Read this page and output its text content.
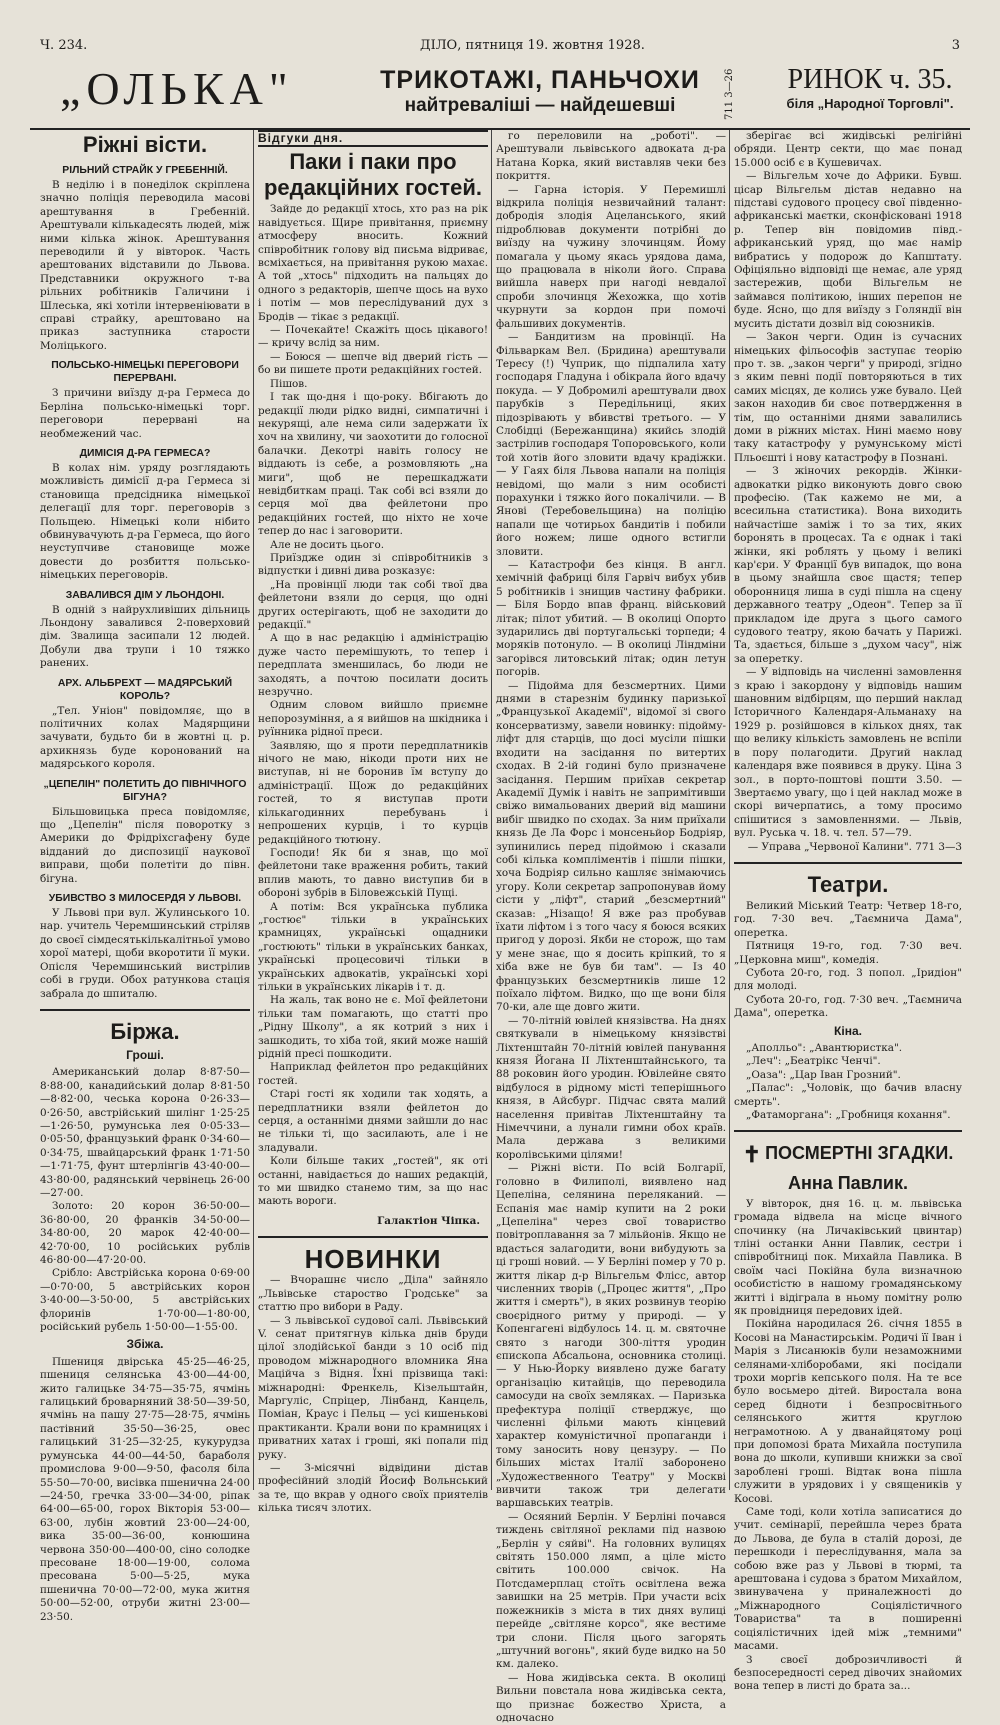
Ч. 234.	ДІЛО, пятниця 19. жовтня 1928.	3
„ОЛЬКА"	ТРИКОТАЖІ, ПАНЬЧОХИ
найтреваліші — найдешевші	711 3—26	РИНОК ч. 35.
біля „Народної Торговлі".
Ріжні вісти.
РІЛЬНИЙ СТРАЙК У ГРЕБЕННІЙ.

В неділю і в понеділок скріплена значно поліція переводила масові арештування в Гребенній. Арештували кількадесять людей, між ними кілька жінок. Арештування переводили й у вівторок. Часть арештованих відставили до Львова. Представники окружного т-ва рільних робітників Галичини і Шлеська, які хотіли інтервеніювати в справі страйку, арештовано на приказ заступника старости Моліцького.

ПОЛЬСЬКО-НІМЕЦЬКІ ПЕРЕГОВОРИ ПЕРЕРВАНІ.

З причини виїзду д-ра Гермеса до Берліна польсько-німецькі торг. переговори перервані на необмежений час.

ДИМІСІЯ Д-РА ГЕРМЕСА?

В колах нім. уряду розглядають можливість димісії д-ра Гермеса зі становища предсідника німецької делегації для торг. переговорів з Польщею. Німецькі коли нібито обвинувачують д-ра Гермеса, що його неуступчиве становище може довести до розбиття польсько-німецьких переговорів.

ЗАВАЛИВСЯ ДІМ У ЛЬОНДОНІ.

В одній з найрухливіших дільниць Льондону завалився 2-поверховий дім. Звалища засипали 12 людей. Добули два трупи і 10 тяжко ранених.

АРХ. АЛЬБРЕХТ — МАДЯРСЬКИЙ КОРОЛЬ?

„Тел. Уніон" повідомляє, що в політичних колах Мадярщини зачувати, будьто би в жовтні ц. р. архикнязь буде коронований на мадярського короля.

„ЦЕПЕЛІН" ПОЛЕТИТЬ ДО ПІВНІЧНОГО БІГУНА?

Більшовицька преса повідомляє, що „Цепелін" після поворотку з Америки до Фрідріхсгафену буде відданий до диспозиції наукової виправи, щоби полетіти до півн. бігуна.

УБИВСТВО З МИЛОСЕРДЯ У ЛЬВОВІ.

У Львові при вул. Жулинського 10. нар. учитель Черемшинський стріляв до своєї сімдесятькількалітньої умово хорої матері, щоби вкоротити її муки. Опісля Черемшинський вистрілив собі в груди. Обох ратункова стація забрала до шпиталю.

Біржа.
Гроші.

Американський долар 8·87·50—8·88·00, канадийський долар 8·81·50—8·82·00, чеська корона 0·26·33—0·26·50, австрійський шилінг 1·25·25—1·26·50, румунська лея 0·05·33—0·05·50, французький франк 0·34·60—0·34·75, швайцарський франк 1·71·50—1·71·75, фунт штерлінгів 43·40·00—43·80·00, радянський червінець 26·00—27·00.

Золото: 20 корон 36·50·00—36·80·00, 20 франків 34·50·00—34·80·00, 20 марок 42·40·00—42·70·00, 10 російських рублів 46·80·00—47·20·00.

Срібло: Австрійська корона 0·69·00—0·70·00, 5 австрійських корон 3·40·00—3·50·00, 5 австрійських флоринів 1·70·00—1·80·00, російський рубель 1·50·00—1·55·00.

Збіжа.

Пшениця двірська 45·25—46·25, пшениця селянська 43·00—44·00, жито галицьке 34·75—35·75, ячмінь галицький броварняний 38·50—39·50, ячмінь на пашу 27·75—28·75, ячмінь пастівний 35·50—36·25, овес галицький 31·25—32·25, кукурудза румунська 44·00—44·50, бараболя промислова 9·00—9·50, фасоля біла 55·50—70·00, висівка пшенична 24·00—24·50, гречка 33·00—34·00, ріпак 64·00—65·00, горох Вікторія 53·00—63·00, лубін жовтий 23·00—24·00, вика 35·00—36·00, конюшина червона 350·00—400·00, сіно солодке пресоване 18·00—19·00, солома пресована 5·00—5·25, мука пшенична 70·00—72·00, мука житня 50·00—52·00, отруби житні 23·00—23·50.

Відгуки дня.
Паки і паки про редакційних гостей.

Зайде до редакції хтось, хто раз на рік навідується. Щире привітання, приємну атмосферу вносить. Кожний співробітник голову від письма відриває, всміхається, на привітання рукою махає. А той „хтось" підходить на пальцях до одного з редакторів, шепче щось на вухо і потім — мов переслідуваний дух з Бродів — тікає з редакції.

— Почекайте! Скажіть щось цікавого! — кричу вслід за ним.

— Боюся — шепче від дверий гість — бо ви пишете проти редакційних гостей.

Пішов.

І так що-дня і що-року. Вбігають до редакції люди рідко видні, симпатичні і некурящі, але нема сили задержати їх хоч на хвилину, чи заохотити до голосної балачки. Декотрі навіть голосу не віддають із себе, а розмовляють „на миги", щоб не перешкаджати невідбиткам праці. Так собі всі взяли до серця мої два фейлетони про редакційних гостей, що ніхто не хоче тепер до нас і заговорити.

Але не досить цього.

Приїздже один зі співробітників з відпустки і дивні дива розказує:

„На провінції люди так собі твої два фейлетони взяли до серця, що одні других остерігають, щоб не заходити до редакції."

А що в нас редакцію і адміністрацію дуже часто перемішують, то тепер і передплата зменшилась, бо люди не заходять, а почтою посилати досить незручно.

Одним словом вийшло приємне непорозуміння, а я вийшов на шкідника і руїнника рідної преси.

Заявляю, що я проти передплатників нічого не маю, нікоди проти них не виступав, ні не боронив їм вступу до адміністрації. Щож до редакційних гостей, то я виступав проти кількагодинних перебувань і непрошених курців, і то курців редакційного тютюну.

Господи! Як би я знав, що мої фейлетони таке враження робить, такий вплив мають, то давно виступив би в обороні зубрів в Біловежській Пущі.

А потім: Вся українська публика „гостює" тільки в українських крамницях, українські ощадники „гостюють" тільки в українських банках, українські процесовичі тільки в українських адвокатів, українські хорі тільки в українських лікарів і т. д.

На жаль, так воно не є. Мої фейлетони тільки там помагають, що статті про „Рідну Школу", а як котрий з них і зашкодить, то хіба той, який може нашій рідній пресі пошкодити.

Наприклад фейлетон про редакційних гостей.

Старі гості як ходили так ходять, а передплатники взяли фейлетон до серця, а останніми днями зайшли до нас не тільки ті, що засилають, але і не зладували.

Коли більше таких „гостей", як оті останні, навідається до наших редакцій, то ми швидко станемо тим, за що нас мають вороги.

Галактіон Чіпка.
НОВИНКИ

— Вчорашнє число „Діла" зайняло „Львівське староство Гродське" за статтю про вибори в Раду.

— З львівської судової салі. Львівський V. сенат притягнув кілька днів бруди цілої злодійської банди з 10 осіб під проводом міжнародного вломника Яна Маційча з Відня. Їхні прізвища такі: міжнародні: Френкель, Кізельштайн, Маргуліс, Спріцер, Лінбанд, Канцель, Поміан, Краус і Пельц — усі кишенькові практиканти. Крали вони по крамницях і приватних хатах і гроші, які попали під руку.

— З-місячні відвідини дістав професійний злодій Йосиф Вольнський за те, що вкрав у одного своїх приятелів кілька тисяч злотих.

го переловили на „роботі". — Арештували львівського адвоката д-ра Натана Корка, який виставляв чеки без покриття.

— Гарна історія. У Перемишлі відкрила поліція незвичайний талант: добродія злодія Ацеланського, який підроблював документи потрібні до виїзду на чужину злочинцям. Йому помагала у цьому якась урядова дама, що працювала в ніколи його. Справа вийшла наверх при нагоді невдалої спроби злочинця Жехожка, що хотів чкурнути за кордон при помочі фальшивих документів.

— Бандитизм на провінції. На Фільваркам Вел. (Бридина) арештували Тересу (!) Чуприк, що підпалила хату господаря Гладуна і обікрала його вдачу покуда. — У Добромилі арештували двох парубків з Передільниці, яких підозрівають у вбивстві третього. — У Слобідці (Бережанщина) якийсь злодій застрілив господаря Топоровського, коли той хотів його зловити вдачу крадіжки. — У Гаях біля Львова напали на поліція невідомі, що мали з ним особисті порахунки і тяжко його покалічили. — В Янові (Теребовельщина) на поліцію напали ще чотирьох бандитів і побили його ножем; лише одного встигли зловити.

— Катастрофи без кінця. В англ. хемічній фабриці біля Гарвіч вибух убив 5 робітників і знищив частину фабрики. — Біля Бордо впав франц. військовий літак; пілот убитий. — В околиці Опорто зударились дві португальські торпеди; 4 моряків потонуло. — В околиці Ліндміни загорівся литовський літак; один летун погорів.

— Підойма для безсмертних. Цими днями в старезнім будинку паризької „Французької Академії", відомої зі свого консерватизму, завели новинку: підойму-ліфт для старців, що досі мусіли пішки входити на засідання по витертих сходах. В 2-ій годині було призначене засідання. Першим приїхав секретар Академії Думік і навіть не запримітивши свіжо вимальованих дверий від машини вибіг швидко по сходах. За ним приїхали князь Де Ла Форс і монсеньйор Бодріяр, зупинились перед підоймою і сказали собі кілька компліментів і пішли пішки, хоча Бодріяр сильно кашляє знімаючись угору. Коли секретар запропонував йому сісти у „ліфт", старий „безсмертний" сказав: „Нізащо! Я вже раз пробував їхати ліфтом і з того часу я боюся всяких пригод у дорозі. Якби не сторож, що там у мене знає, що я досить кріпкий, то я хіба вже не був би там". — Із 40 французьких безсмертників лише 12 поїхало ліфтом. Видко, що ще вони біля 70-ки, але ще довго жити.

— 70-літній ювілей князівства. На днях святкували в німецькому князівстві Ліхтенштайн 70-літній ювілей панування князя Йогана II Ліхтенштайнського, та 88 роковин його уродин. Ювілейне свято відбулося в рідному місті теперішнього князя, в Айсбург. Підчас свята малий населення привітав Ліхтенштайну та Німеччини, а лунали гимни обох країв. Мала держава з великими королівськими цілями!

— Ріжні вісти. По всій Болгарії, головно в Филиполі, виявлено над Цепеліна, селянина переляканий. — Еспанія має намір купити на 2 роки „Цепеліна" через свої товариство повітроплавання за 7 мільйонів. Якщо не вдасться залагодити, вони вибудують за ці гроші новий. — У Берліні помер у 70 р. життя лікар д-р Вільгельм Флісс, автор численних творів („Процес життя", „Про життя і смерть"), в яких розвинув теорію своєрідного ритму у природі. — У Копенгагені відбулось 14. ц. м. святочне свято з нагоди 300-ліття уродин єпископа Абсальона, основника столиці. — У Нью-Йорку виявлено дуже багату організацію китайців, що переводила самосуди на своїх земляках. — Паризька префектура поліції стверджує, що численні фільми мають кінцевий характер комуністичної пропаганди і тому заносить нову цензуру. — По більших містах Італії заборонено „Художественного Театру" у Москві вивчити також три делегати варшавських театрів.

— Осяяний Берлін. У Берліні почався тиждень світляної реклами під назвою „Берлін у сяйві". На головних вулицях світять 150.000 лямп, а ціле місто світить 100.000 свічок. На Потсдамерплац стоїть освітлена вежа завишки на 25 метрів. При участи всіх пожежників з міста в тих днях вулиці перейде „світляне корсо", яке вестиме три слони. Після цього загорять „штучний вогонь", який буде видко на 50 км. далеко.

— Нова жидівська секта. В околиці Вильни повстала нова жидівська секта, що признає божество Христа, а одночасно

зберігає всі жидівські релігійні обряди. Центр секти, що має понад 15.000 осіб є в Кушевичах.

— Вільгельм хоче до Африки. Бувш. цісар Вільгельм дістав недавно на підставі судового процесу свої південно-африканські маєтки, сконфісковані 1918 р. Тепер він повідомив півд.-африканський уряд, що має намір вибратись у подорож до Капштату. Офіціяльно відповіді ще немає, але уряд застережив, щоби Вільгельм не займався політикою, інших перепон не буде. Ясно, що для виїзду з Голяндії він мусить дістати дозвіл від союзників.

— Закон черги. Один із сучасних німецьких фільософів заступає теорію про т. зв. „закон черги" у природі, згідно з яким певні події повторяються в тих самих місцях, де колись уже бувало. Цей закон находив би своє потвердження в тім, що останніми днями завалились доми в ріжних містах. Нині маємо нову таку катастрофу у румунському місті Пльоєшті і нову катастрофу в Познані.

— З жіночих рекордів. Жінки-адвокатки рідко виконують довго свою професію. (Так кажемо не ми, а всесильна статистика). Вона виходить найчастіше заміж і то за тих, яких боронять в процесах. Та є однак і такі жінки, які роблять у цьому і великі кар'єри. У Франції був випадок, що вона в цьому знайшла своє щастя; тепер оборонниця лиша в суді пішла на сцену державного театру „Одеон". Тепер за її прикладом іде друга з цього самого судового театру, якою бачать у Парижі. Та, здається, більше з „духом часу", ніж за оперетку.

— У відповідь на численні замовлення з краю і закордону у відповідь нашим шановним відбірцям, що перший наклад Історичного Календаря-Альманаху на 1929 р. розійшовся в кількох днях, так що велику кількість замовлень не вспіли в пору полагодити. Другий наклад календаря вже появився в друку. Ціна 3 зол., в порто-поштові пошти 3.50. — Звертаємо увагу, що і цей наклад може в скорі вичерпатись, а тому просимо спішитися з замовленнями. — Львів, вул. Руська ч. 18. ч. тел. 57—79.

— Управа „Червоної Калини". 771 3—3

Театри.

Великий Міський Театр: Четвер 18-го, год. 7·30 веч. „Таємнича Дама", оперетка.

Пятниця 19-го, год. 7·30 веч. „Церковна миш", комедія.

Субота 20-го, год. 3 попол. „Іридіон" для молоді.

Субота 20-го, год. 7·30 веч. „Таємнича Дама", оперетка.

Кіна.

„Аполльо": „Авантюристка".

„Леч": „Беатрікс Ченчі".

„Оаза": „Цар Іван Грозний".

„Палас": „Чоловік, що бачив власну смерть".

„Фатаморгана": „Гробниця кохання".

✝ ПОСМЕРТНІ ЗГАДКИ.
Анна Павлик.

У вівторок, дня 16. ц. м. львівська громада відвела на місце вічного спочинку (на Личаківський цвинтар) тліні останки Анни Павлик, сестри і співробітниці пок. Михайла Павлика. В своїм часі Покійна була визначною особистістю в нашому громадянському житті і відіграла в ньому помітну ролю як провідниця передових ідей.

Покійна народилася 26. січня 1855 в Косові на Манастирськім. Родичі її Іван і Марія з Лисанюків були незаможними селянами-хліборобами, які посідали трохи моргів кепського поля. На те все було восьмеро дітей. Виростала вона серед бідноти і безпросвітнього селянського життя круглою неграмотною. А у дванайцятому році при допомозі брата Михайла поступила вона до школи, купивши книжки за свої зароблені гроші. Відтак вона пішла служити в урядових і у священиків у Косові.

Саме тоді, коли хотіла записатися до учит. семінарії, перейшла через брата до Львова, де була в сталій дорозі, де перешкоди і переслідування, мала за собою вже раз у Львові в тюрмі, та арештована і судова з братом Михайлом, звинувачена у приналежності до „Міжнародного Соціялістичного Товариства" та в поширенні соціялістичних ідей між „темними" масами.

З своєї доброзичливості й безпосередності серед дівочих знайомих вона тепер в листі до брата за...
